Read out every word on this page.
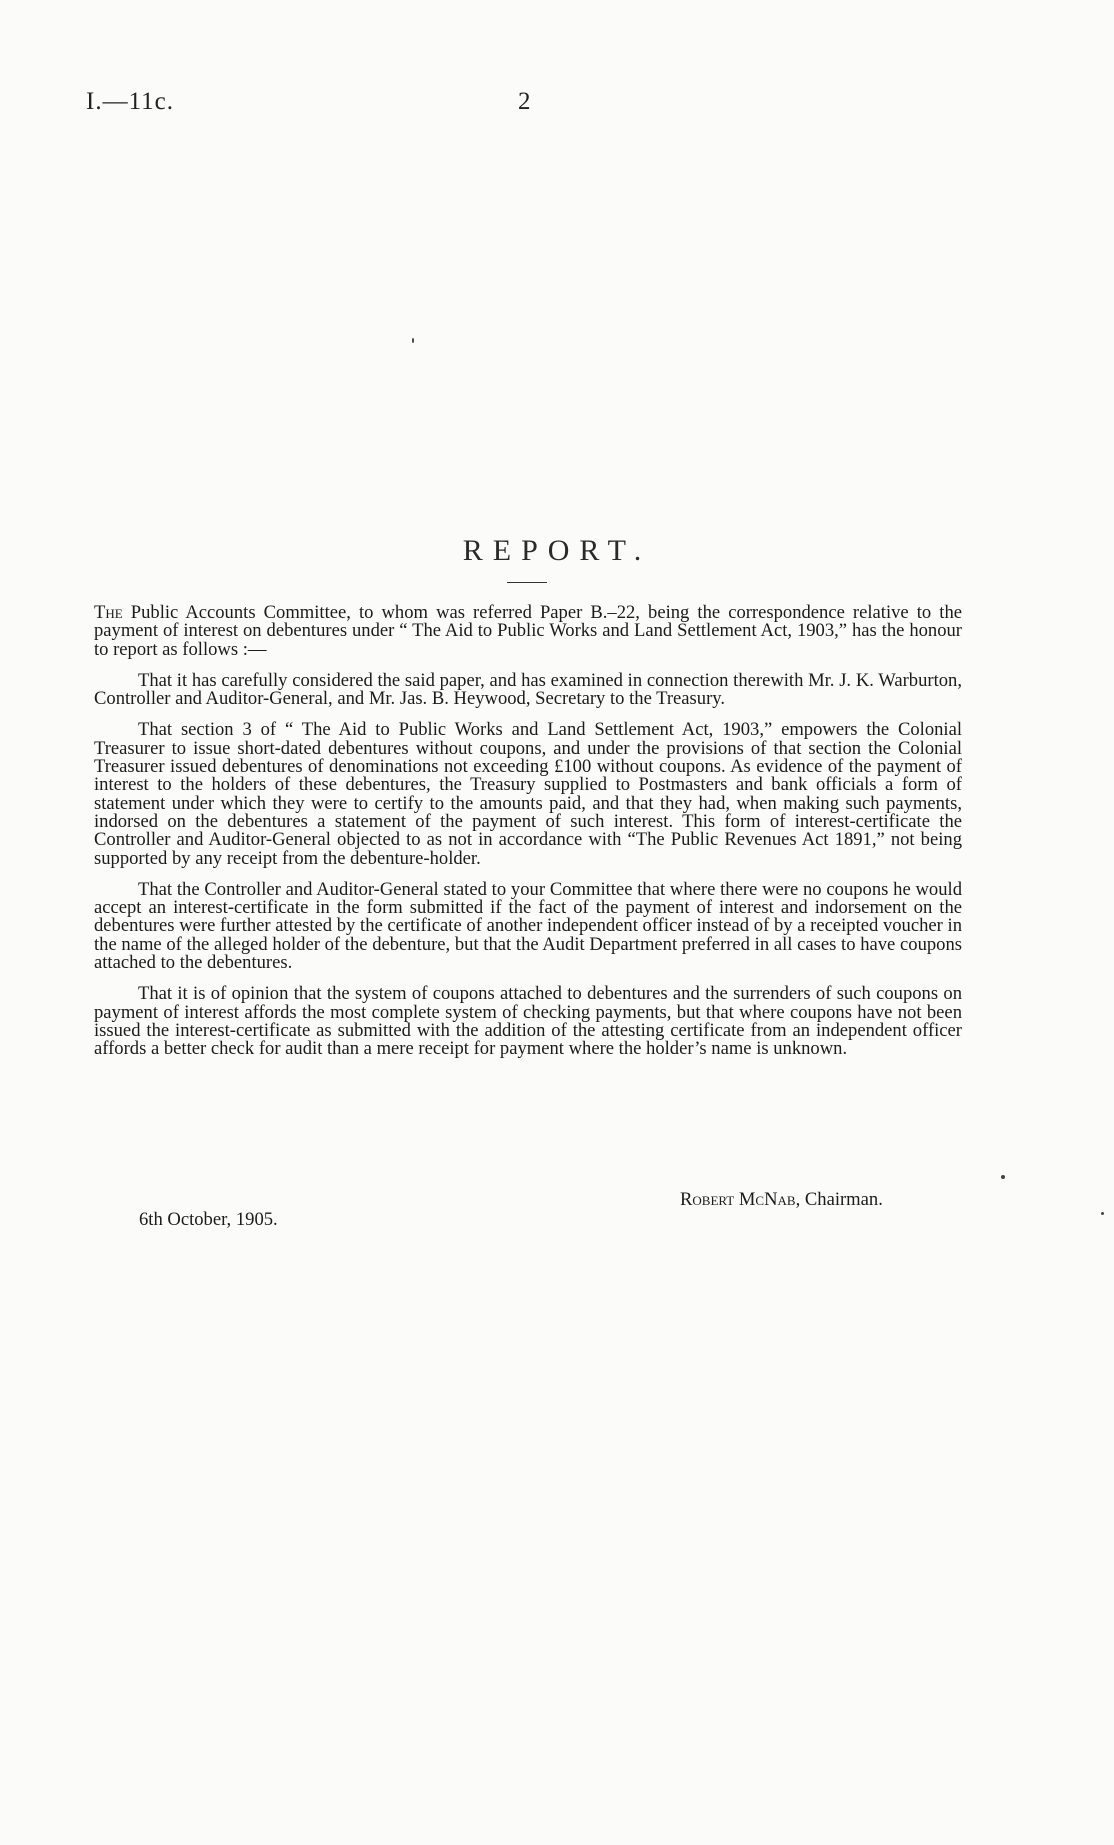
I.—11c.	2
REPORT.

The Public Accounts Committee, to whom was referred Paper B.–22, being the correspondence relative to the payment of interest on debentures under “ The Aid to Public Works and Land Settlement Act, 1903,” has the honour to report as follows :—

That it has carefully considered the said paper, and has examined in connection therewith Mr. J. K. Warburton, Controller and Auditor-General, and Mr. Jas. B. Heywood, Secretary to the Treasury.

That section 3 of “ The Aid to Public Works and Land Settlement Act, 1903,” empowers the Colonial Treasurer to issue short-dated debentures without coupons, and under the provisions of that section the Colonial Treasurer issued debentures of denominations not exceeding £100 without coupons. As evidence of the payment of interest to the holders of these debentures, the Treasury supplied to Postmasters and bank officials a form of statement under which they were to certify to the amounts paid, and that they had, when making such payments, indorsed on the debentures a statement of the payment of such interest. This form of interest-certificate the Controller and Auditor-General objected to as not in accordance with “The Public Revenues Act 1891,” not being supported by any receipt from the debenture-holder.

That the Controller and Auditor-General stated to your Committee that where there were no coupons he would accept an interest-certificate in the form submitted if the fact of the payment of interest and indorsement on the debentures were further attested by the certificate of another independent officer instead of by a receipted voucher in the name of the alleged holder of the debenture, but that the Audit Department preferred in all cases to have coupons attached to the debentures.

That it is of opinion that the system of coupons attached to debentures and the surrenders of such coupons on payment of interest affords the most complete system of checking payments, but that where coupons have not been issued the interest-certificate as submitted with the addition of the attesting certificate from an independent officer affords a better check for audit than a mere receipt for payment where the holder’s name is unknown.

Robert McNab, Chairman.
6th October, 1905.
